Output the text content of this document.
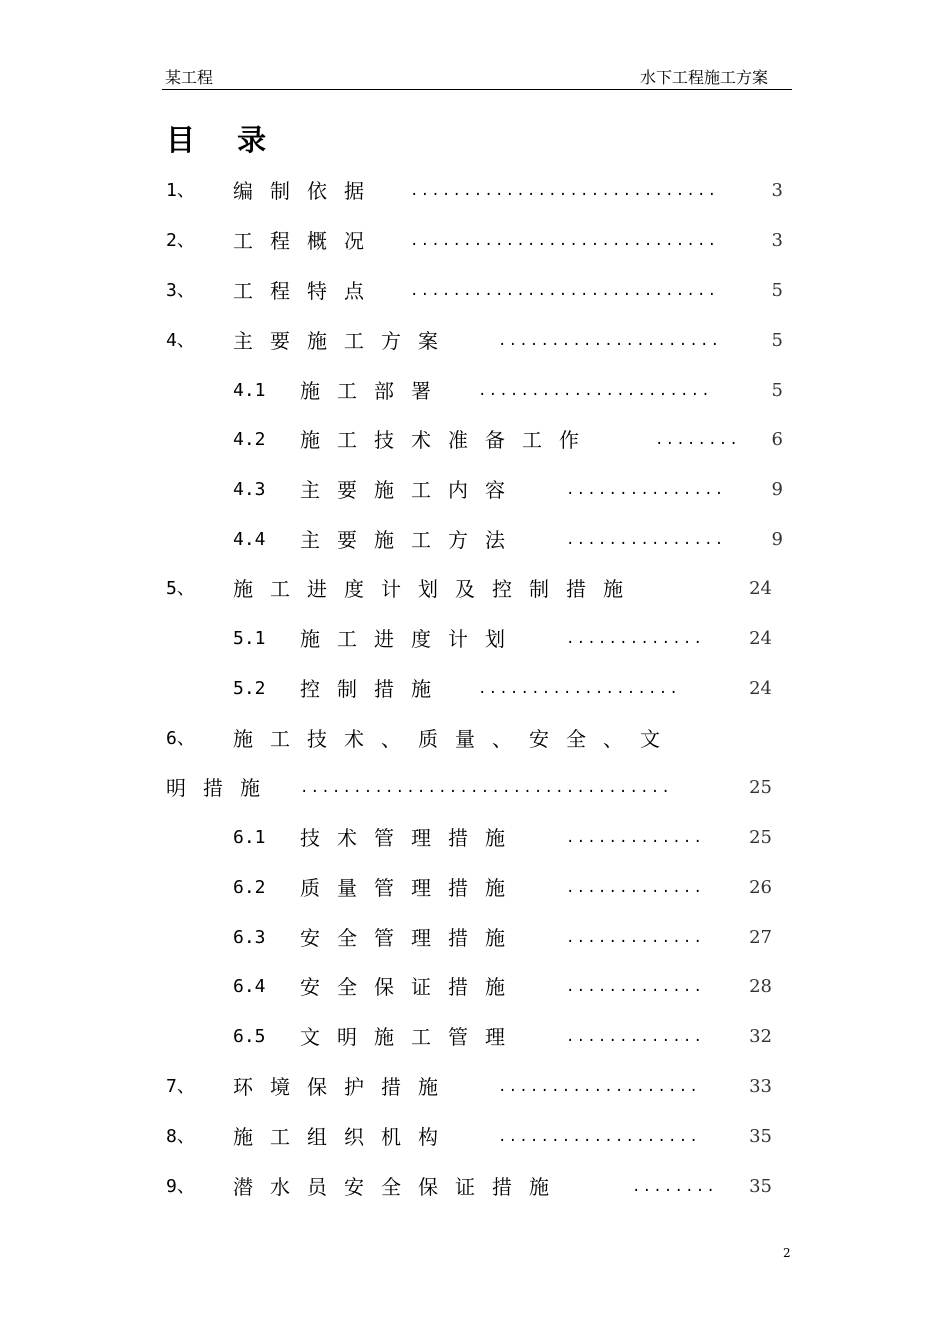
某工程	水下工程施工方案
目 录
1、 编制依据 .............................	3
2、 工程概况 .............................	3
3、 工程特点 .............................	5
4、 主要施工方案	.....................	5
4.1 施工部署 ......................	5
4.2 施工技术准备工作	........	6
4.3 主要施工内容	...............	9
4.4 主要施工方法	...............	9
5、 施工进度计划及控制措施	24
5.1 施工进度计划	.............	24
5.2 控制措施 ...................	24
6、 施工技术、质量、安全、文
明措施 ...................................	25
6.1 技术管理措施	.............	25
6.2 质量管理措施	.............	26
6.3 安全管理措施	.............	27
6.4 安全保证措施	.............	28
6.5 文明施工管理	.............	32
7、 环境保护措施	...................	33
8、 施工组织机构	...................	35
9、 潜水员安全保证措施	........	35
2
